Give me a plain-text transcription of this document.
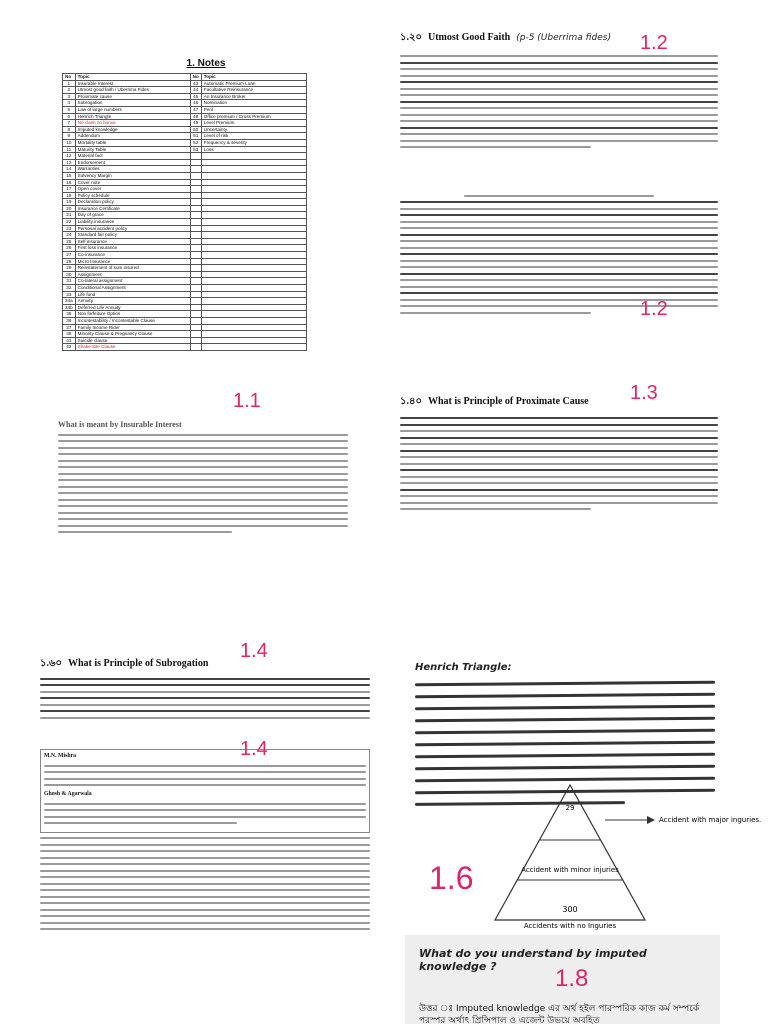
1. Notes
No	Topic	No	Topic
1	Insurable Interest	43	Automatic Premium Loan
2	Utmost good faith / Uberrima Fides	44	Facultative Reinsurance
3	Proximate cause	45	An Insurance Broker
4	Subrogation	46	Nomination
5	Law of large numbers	47	Peril
6	Henrich Triangle	48	Office premium / Gross Premium
7	No claim no bonus	49	Level Premium
8	Imputed knowledge	50	Uncertainty
9	Addendum	51	Level of risk
10	Mortality table	52	Frequency & severity
11	Maturity Table	53	Loss
12	Material fact		
13	Endorsement		
14	Warranties		
15	Solvency Margin		
16	Cover note		
17	Open cover		
18	Policy schedule		
19	Declaration policy		
20	Insurance Certificate		
21	Day of grace		
22	Liability insurance		
23	Personal accident policy		
24	Standard fair policy		
25	Self insurance		
26	First loss insurance		
27	Co-insurance		
28	Micro Insurance		
29	Reinstatement of sum insured		
30	Assignment		
31	Co-lateral assignment		
32	Conditional Assignment		
33	Life fund		
34a	Annuity		
34b	Deferred Life Annuity		
35	Non forfeiture Option		
36	Incontestability / Incontestable Clause		
37	Family Income Rider		
38	Minority Clause & Pregnancy Clause		
41	Suicide clause		
42	Shake Site Clause		
১.২০ Utmost Good Faith (p-5 (Uberrima fides) 1.2
1.2
১.৪০ What is Principle of Proximate Cause 1.3
What is meant by Insurable Interest
1.1
১.৬০ What is Principle of Subrogation
1.4
1.4
M.N. Mishra
Ghosh & Agarwala
Henrich Triangle:
29
Accident with minor injuries
300
Accidents with no Inguries
Accident with major inguries.
1.6
What do you understand by imputed knowledge ?	1.8
উত্তর ঃ Imputed knowledge এর অর্থ হইল পারস্পরিক কাজ কর্ম সম্পর্কে পরস্পর অর্থাৎ প্রিন্সিপাল ও এজেন্ট উভয়ে অবহিত
